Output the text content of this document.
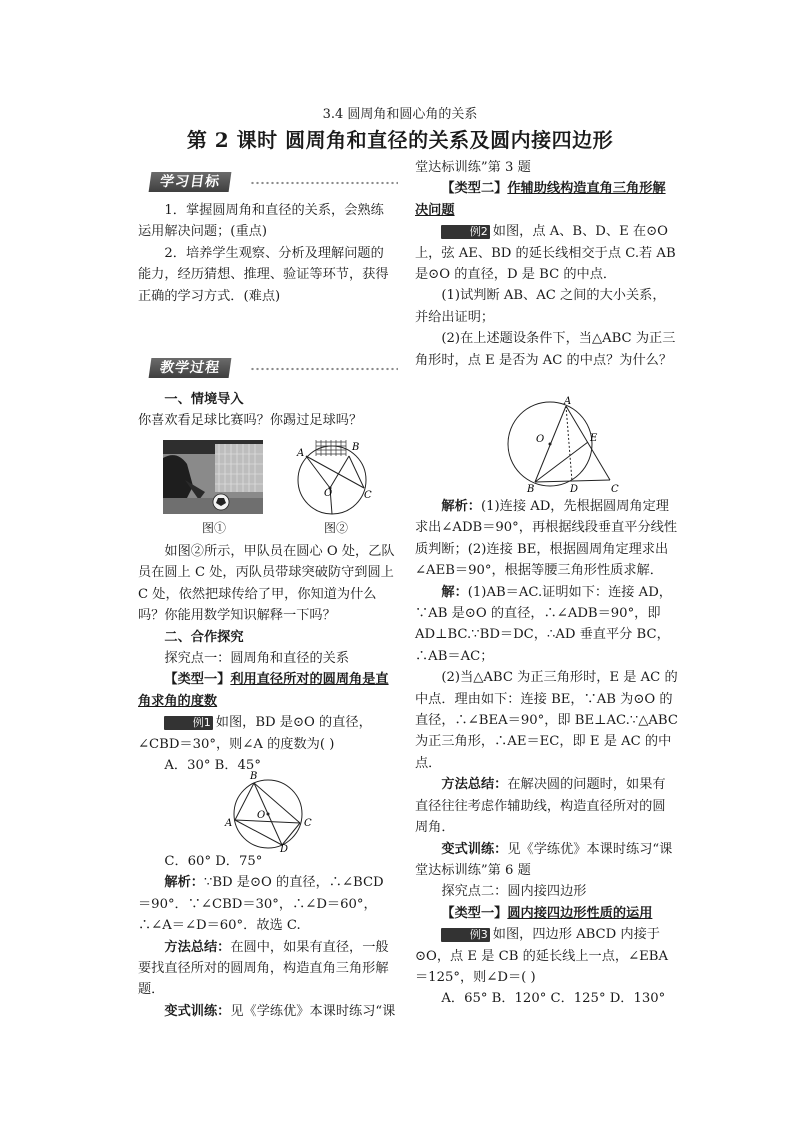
3.4 圆周角和圆心角的关系
第 2 课时 圆周角和直径的关系及圆内接四边形
学习目标

1．掌握圆周角和直径的关系，会熟练运用解决问题；(重点)

2．培养学生观察、分析及理解问题的能力，经历猜想、推理、验证等环节，获得正确的学习方式．(难点)

教学过程

一、情境导入

你喜欢看足球比赛吗？你踢过足球吗？

图①
A
B
O	C
图②

如图②所示，甲队员在圆心 O 处，乙队员在圆上 C 处，丙队员带球突破防守到圆上 C 处，依然把球传给了甲，你知道为什么吗？你能用数学知识解释一下吗？

二、合作探究

探究点一：圆周角和直径的关系

【类型一】利用直径所对的圆周角是直角求角的度数

例1 如图，BD 是⊙O 的直径，∠CBD＝30°，则∠A 的度数为( )

A．30° B．45°

B
O
A	C
D

C．60° D．75°

解析：∵BD 是⊙O 的直径，∴∠BCD＝90°．∵∠CBD＝30°，∴∠D＝60°，∴∠A＝∠D＝60°．故选 C.

方法总结：在圆中，如果有直径，一般要找直径所对的圆周角，构造直角三角形解题．

变式训练：见《学练优》本课时练习“课

堂达标训练”第 3 题

【类型二】作辅助线构造直角三角形解决问题

例2 如图，点 A、B、D、E 在⊙O 上，弦 AE、BD 的延长线相交于点 C.若 AB 是⊙O 的直径，D 是 BC 的中点．

(1)试判断 AB、AC 之间的大小关系，并给出证明；

(2)在上述题设条件下，当△ABC 为正三角形时，点 E 是否为 AC 的中点？为什么？

A
O	E
B	D	C

解析：(1)连接 AD，先根据圆周角定理求出∠ADB＝90°，再根据线段垂直平分线性质判断；(2)连接 BE，根据圆周角定理求出∠AEB＝90°，根据等腰三角形性质求解．

解：(1)AB＝AC.证明如下：连接 AD，∵AB 是⊙O 的直径，∴∠ADB＝90°，即 AD⊥BC.∵BD＝DC，∴AD 垂直平分 BC，∴AB＝AC；

(2)当△ABC 为正三角形时，E 是 AC 的中点．理由如下：连接 BE，∵AB 为⊙O 的直径，∴∠BEA＝90°，即 BE⊥AC.∵△ABC 为正三角形，∴AE＝EC，即 E 是 AC 的中点．

方法总结：在解决圆的问题时，如果有直径往往考虑作辅助线，构造直径所对的圆周角．

变式训练：见《学练优》本课时练习“课堂达标训练”第 6 题

探究点二：圆内接四边形

【类型一】圆内接四边形性质的运用

例3 如图，四边形 ABCD 内接于⊙O，点 E 是 CB 的延长线上一点，∠EBA＝125°，则∠D＝( )

A．65° B．120° C．125° D．130°
